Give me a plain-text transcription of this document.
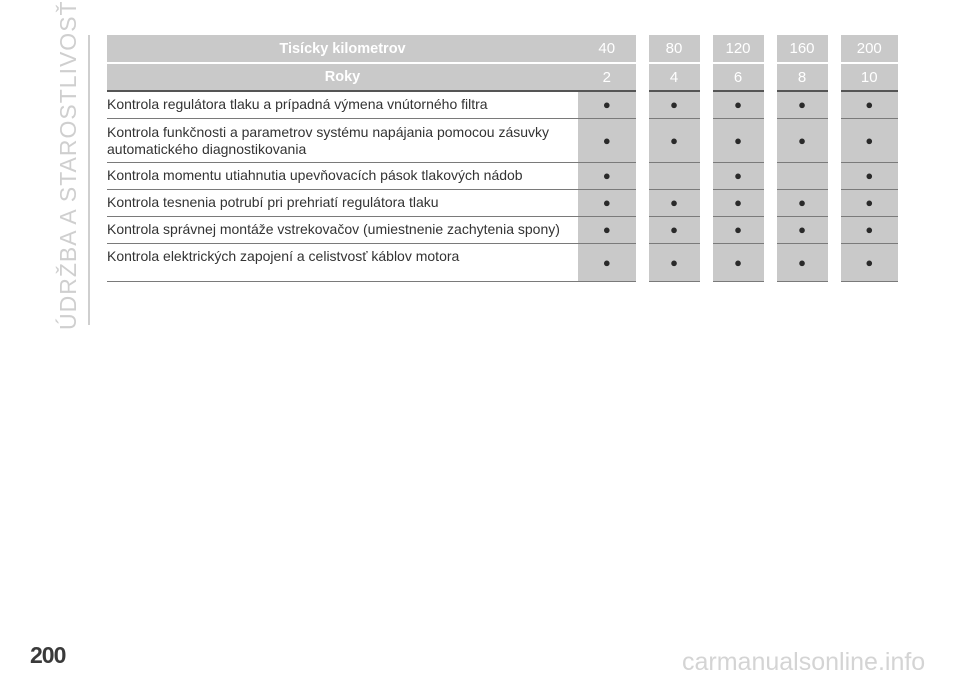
ÚDRŽBA A STAROSTLIVOSŤ	Tisícky kilometrov	40	80	120	160	200
Roky	2	4	6	8	10
Kontrola regulátora tlaku a prípadná výmena vnútorného filtra	●	●	●	●	●
Kontrola funkčnosti a parametrov systému napájania pomocou zásuvky automatického diagnostikovania	●	●	●	●	●
Kontrola momentu utiahnutia upevňovacích pások tlakových nádob	●		●		●
Kontrola tesnenia potrubí pri prehriatí regulátora tlaku	●	●	●	●	●
Kontrola správnej montáže vstrekovačov (umiestnenie zachytenia spony)	●	●	●	●	●
Kontrola elektrických zapojení a celistvosť káblov motora	●	●	●	●	●
200	carmanualsonline.info
